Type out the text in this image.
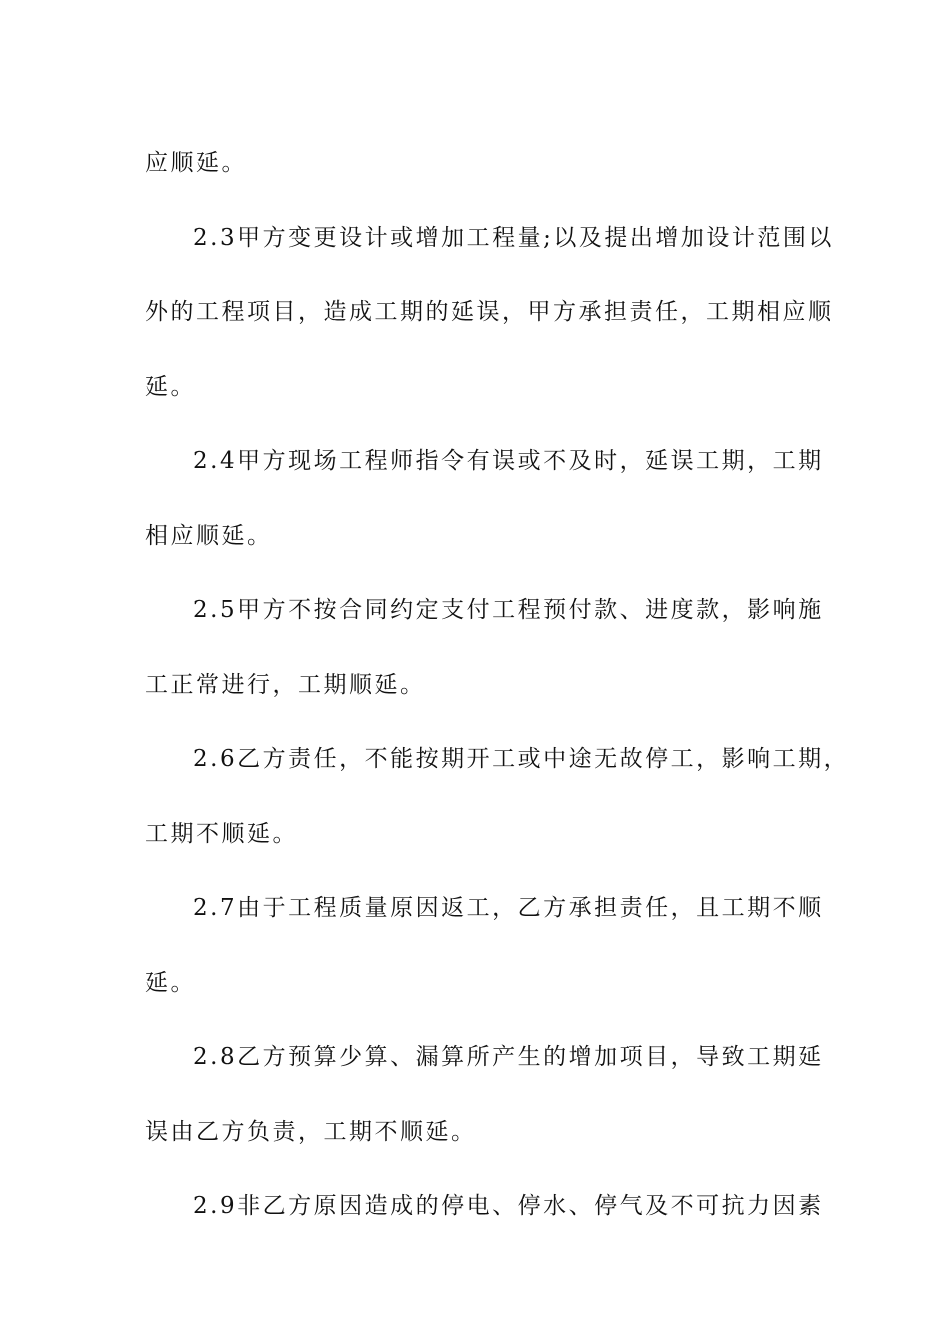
应顺延。
2.3甲方变更设计或增加工程量;以及提出增加设计范围以
外的工程项目，造成工期的延误，甲方承担责任，工期相应顺
延。
2.4甲方现场工程师指令有误或不及时，延误工期，工期
相应顺延。
2.5甲方不按合同约定支付工程预付款、进度款，影响施
工正常进行，工期顺延。
2.6乙方责任，不能按期开工或中途无故停工，影响工期，
工期不顺延。
2.7由于工程质量原因返工，乙方承担责任，且工期不顺
延。
2.8乙方预算少算、漏算所产生的增加项目，导致工期延
误由乙方负责，工期不顺延。
2.9非乙方原因造成的停电、停水、停气及不可抗力因素
